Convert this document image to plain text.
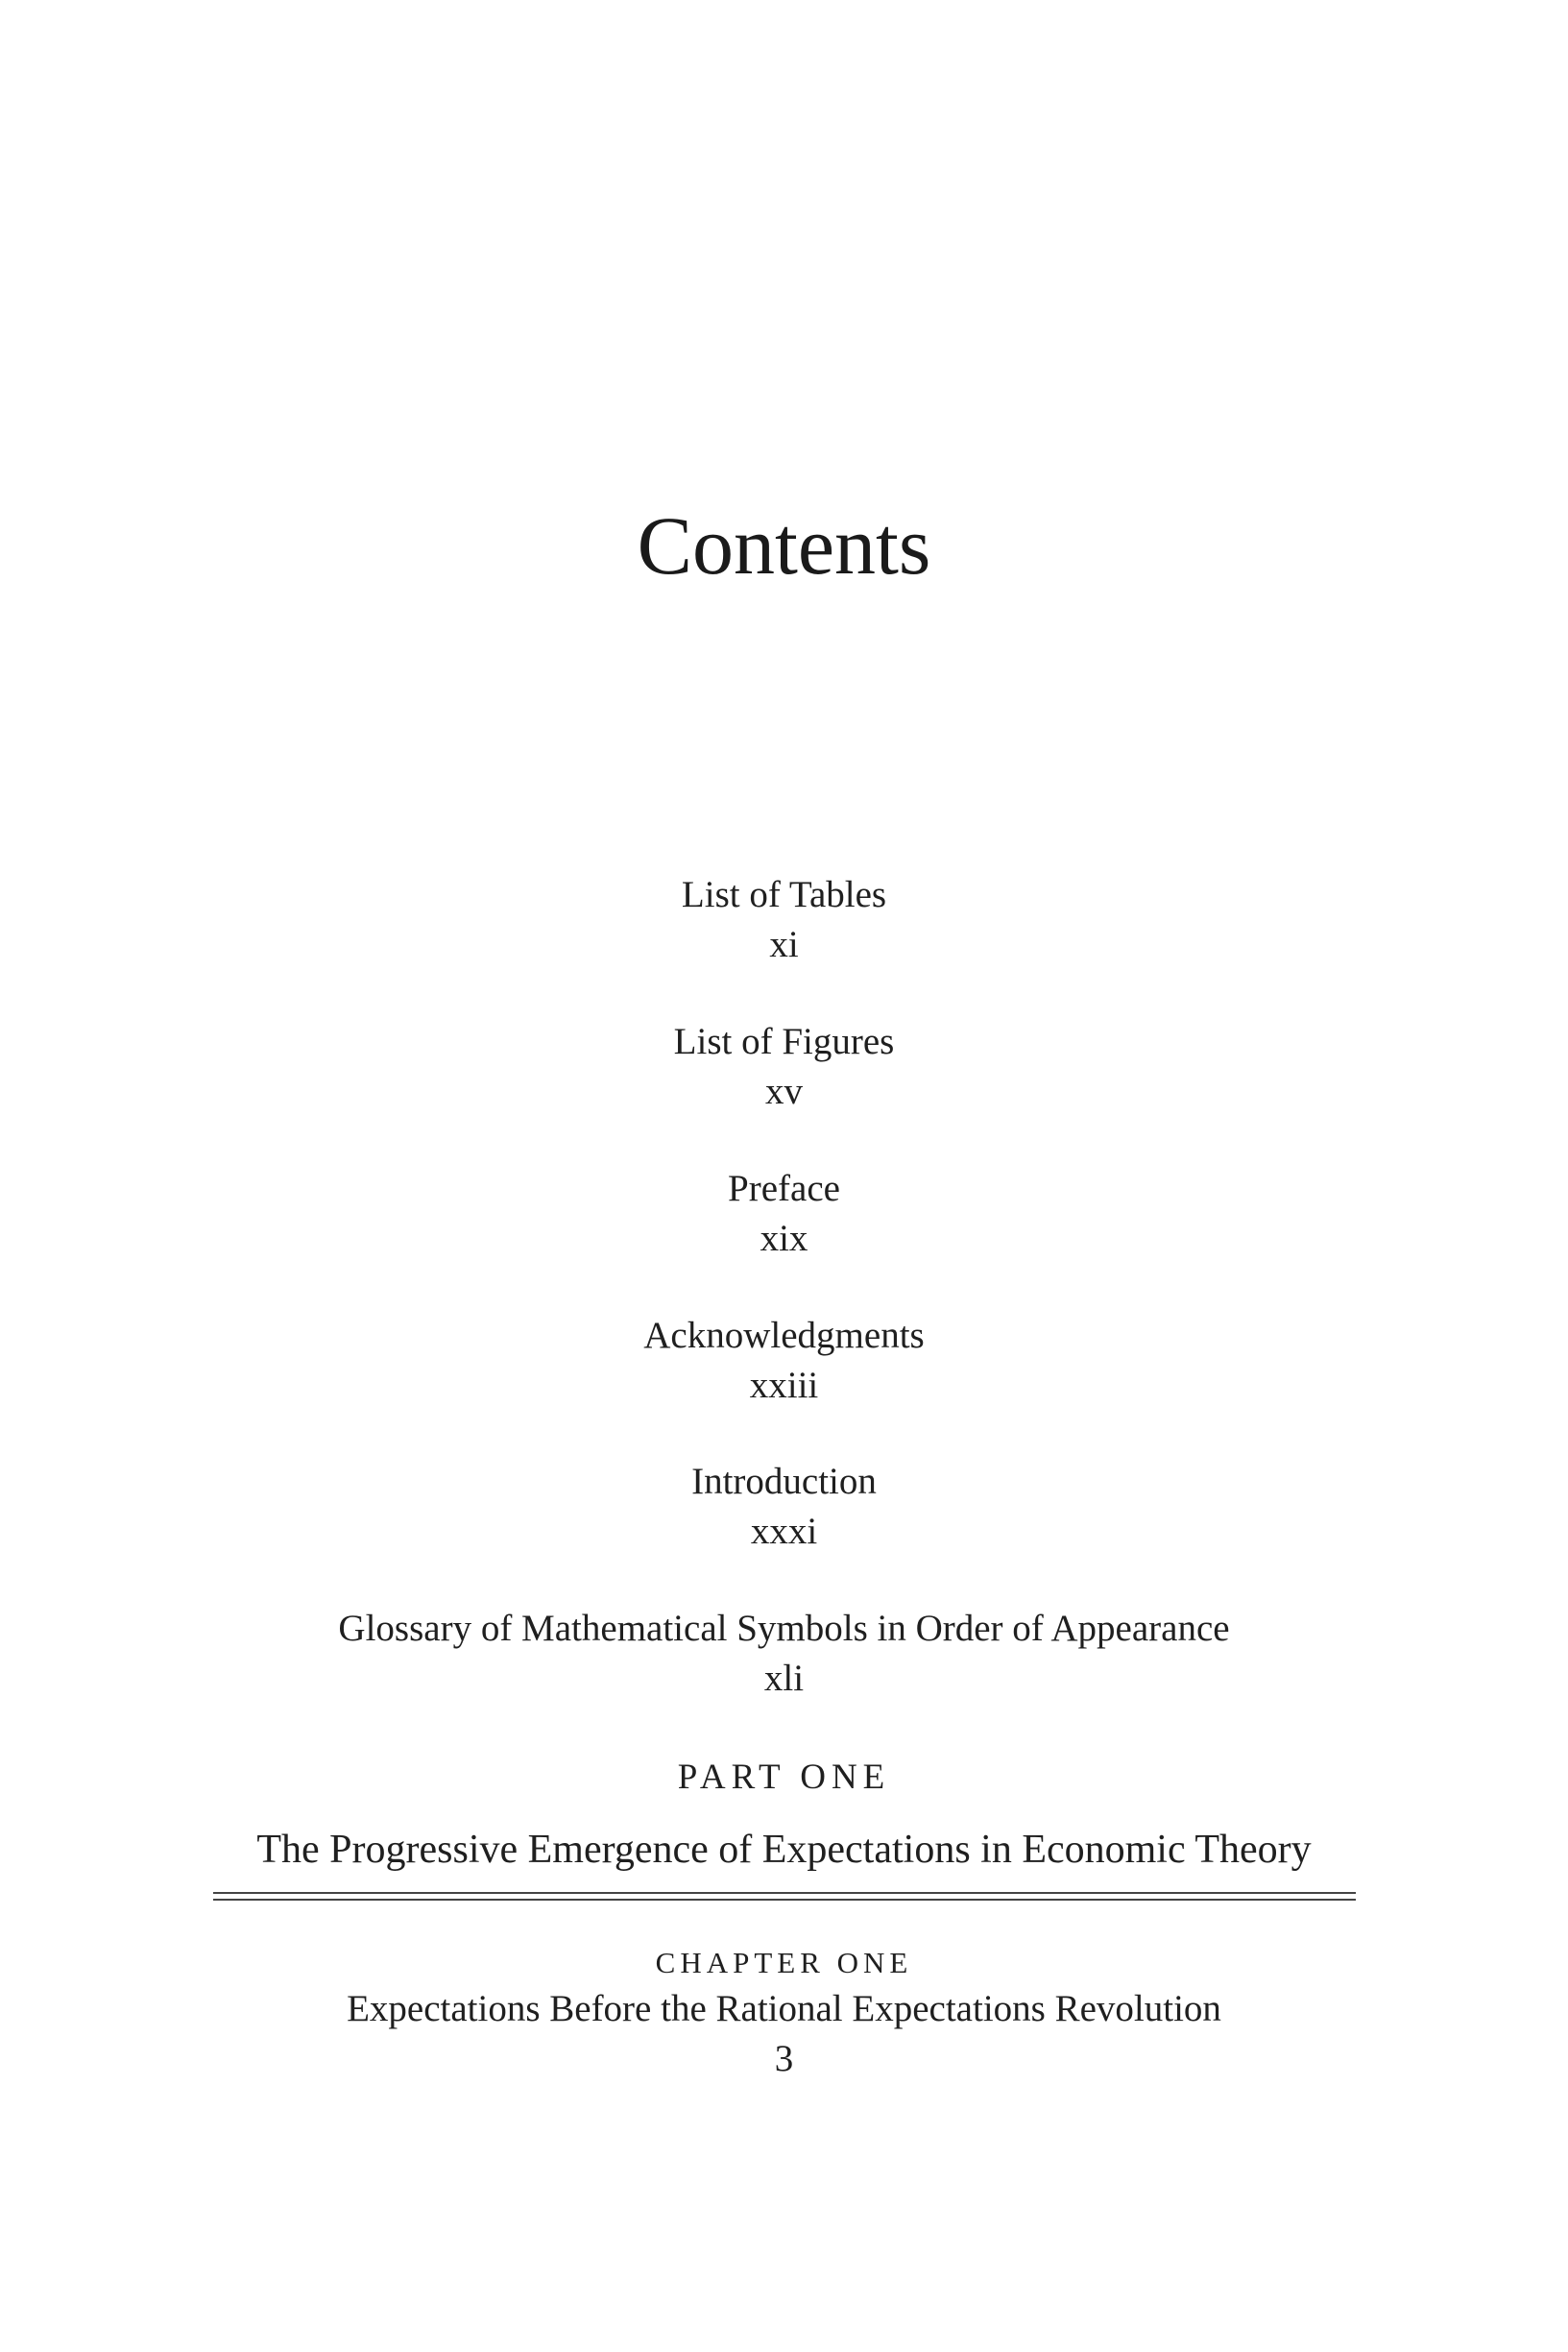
Contents
List of Tables
xi
List of Figures
xv
Preface
xix
Acknowledgments
xxiii
Introduction
xxxi
Glossary of Mathematical Symbols in Order of Appearance
xli
PART ONE
The Progressive Emergence of Expectations in Economic Theory
CHAPTER ONE
Expectations Before the Rational Expectations Revolution
3
